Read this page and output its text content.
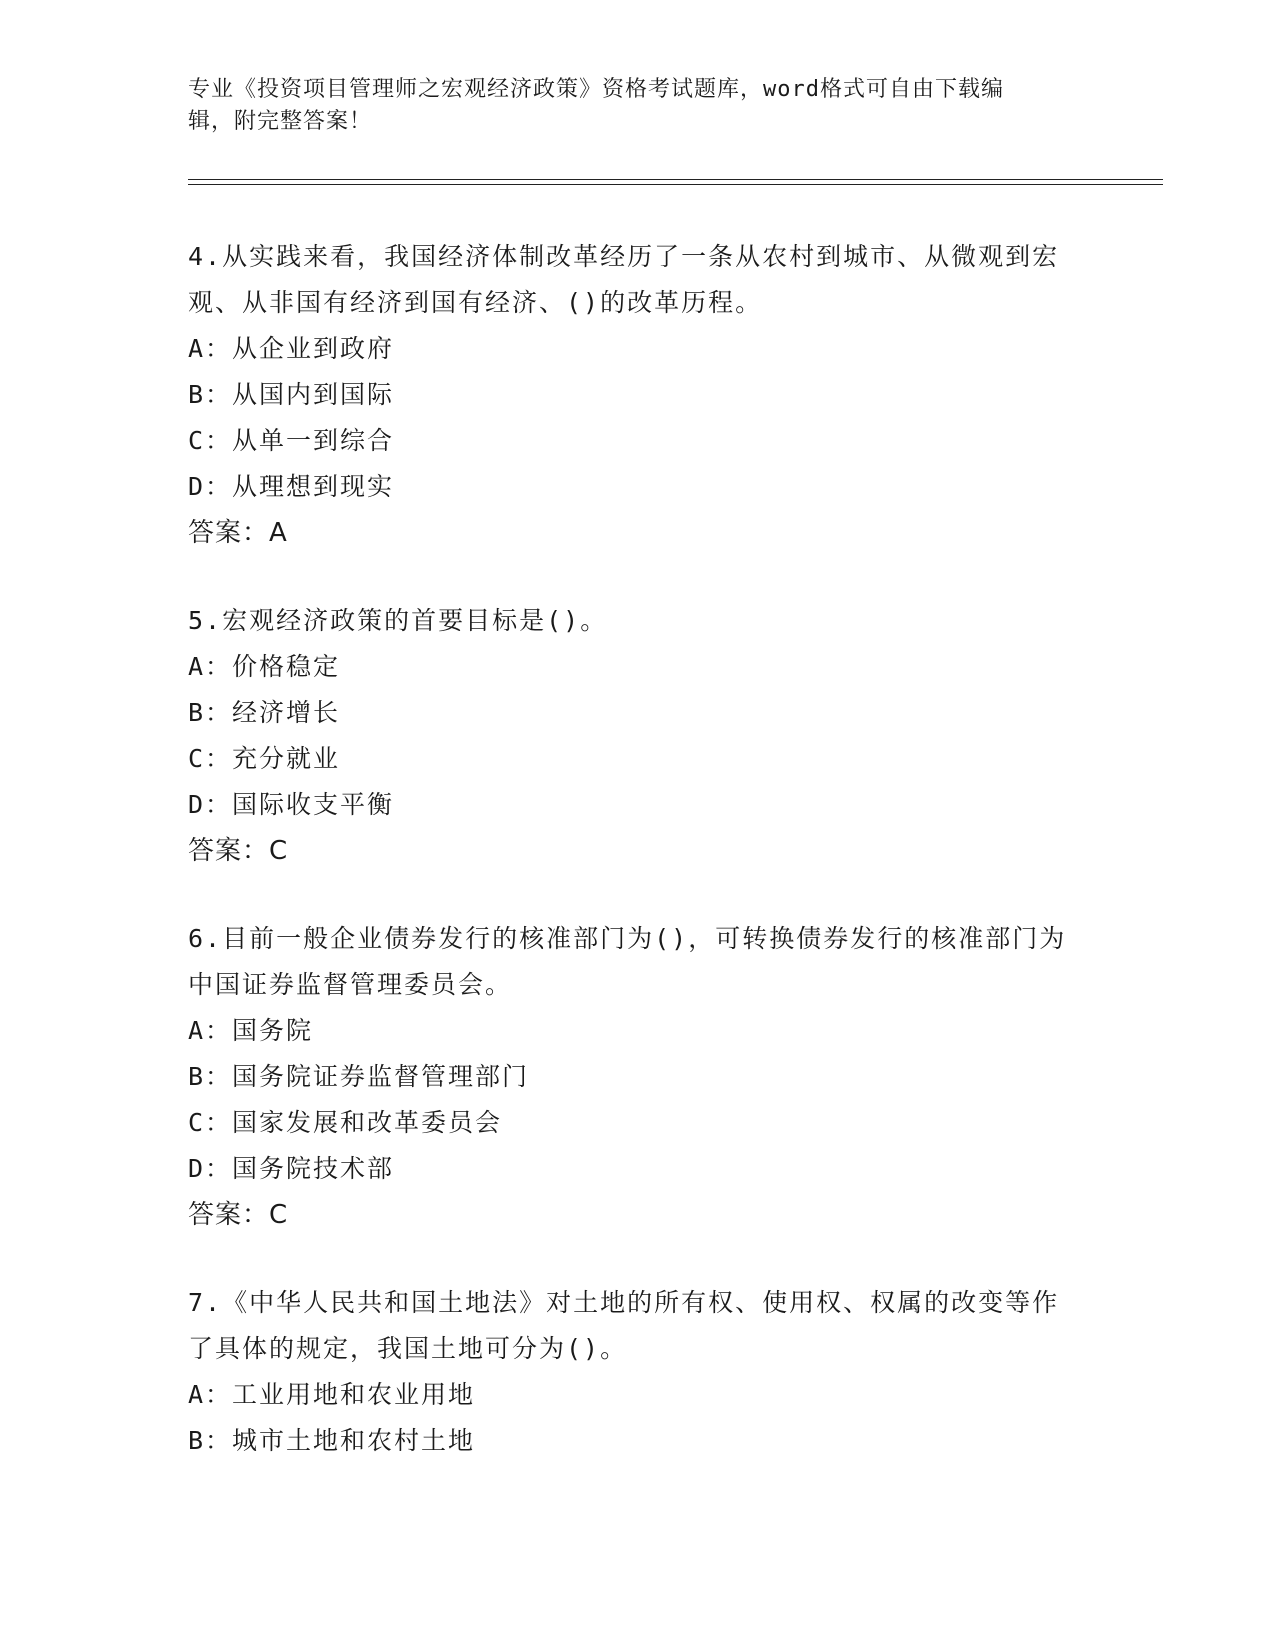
专业《投资项目管理师之宏观经济政策》资格考试题库，word格式可自由下载编
辑，附完整答案！

4.从实践来看，我国经济体制改革经历了一条从农村到城市、从微观到宏观、从非国有经济到国有经济、()的改革历程。

A：从企业到政府
B：从国内到国际
C：从单一到综合
D：从理想到现实
答案：A

5.宏观经济政策的首要目标是()。

A：价格稳定
B：经济增长
C：充分就业
D：国际收支平衡
答案：C

6.目前一般企业债券发行的核准部门为()，可转换债券发行的核准部门为中国证券监督管理委员会。

A：国务院
B：国务院证券监督管理部门
C：国家发展和改革委员会
D：国务院技术部
答案：C

7.《中华人民共和国土地法》对土地的所有权、使用权、权属的改变等作了具体的规定，我国土地可分为()。

A：工业用地和农业用地
B：城市土地和农村土地
